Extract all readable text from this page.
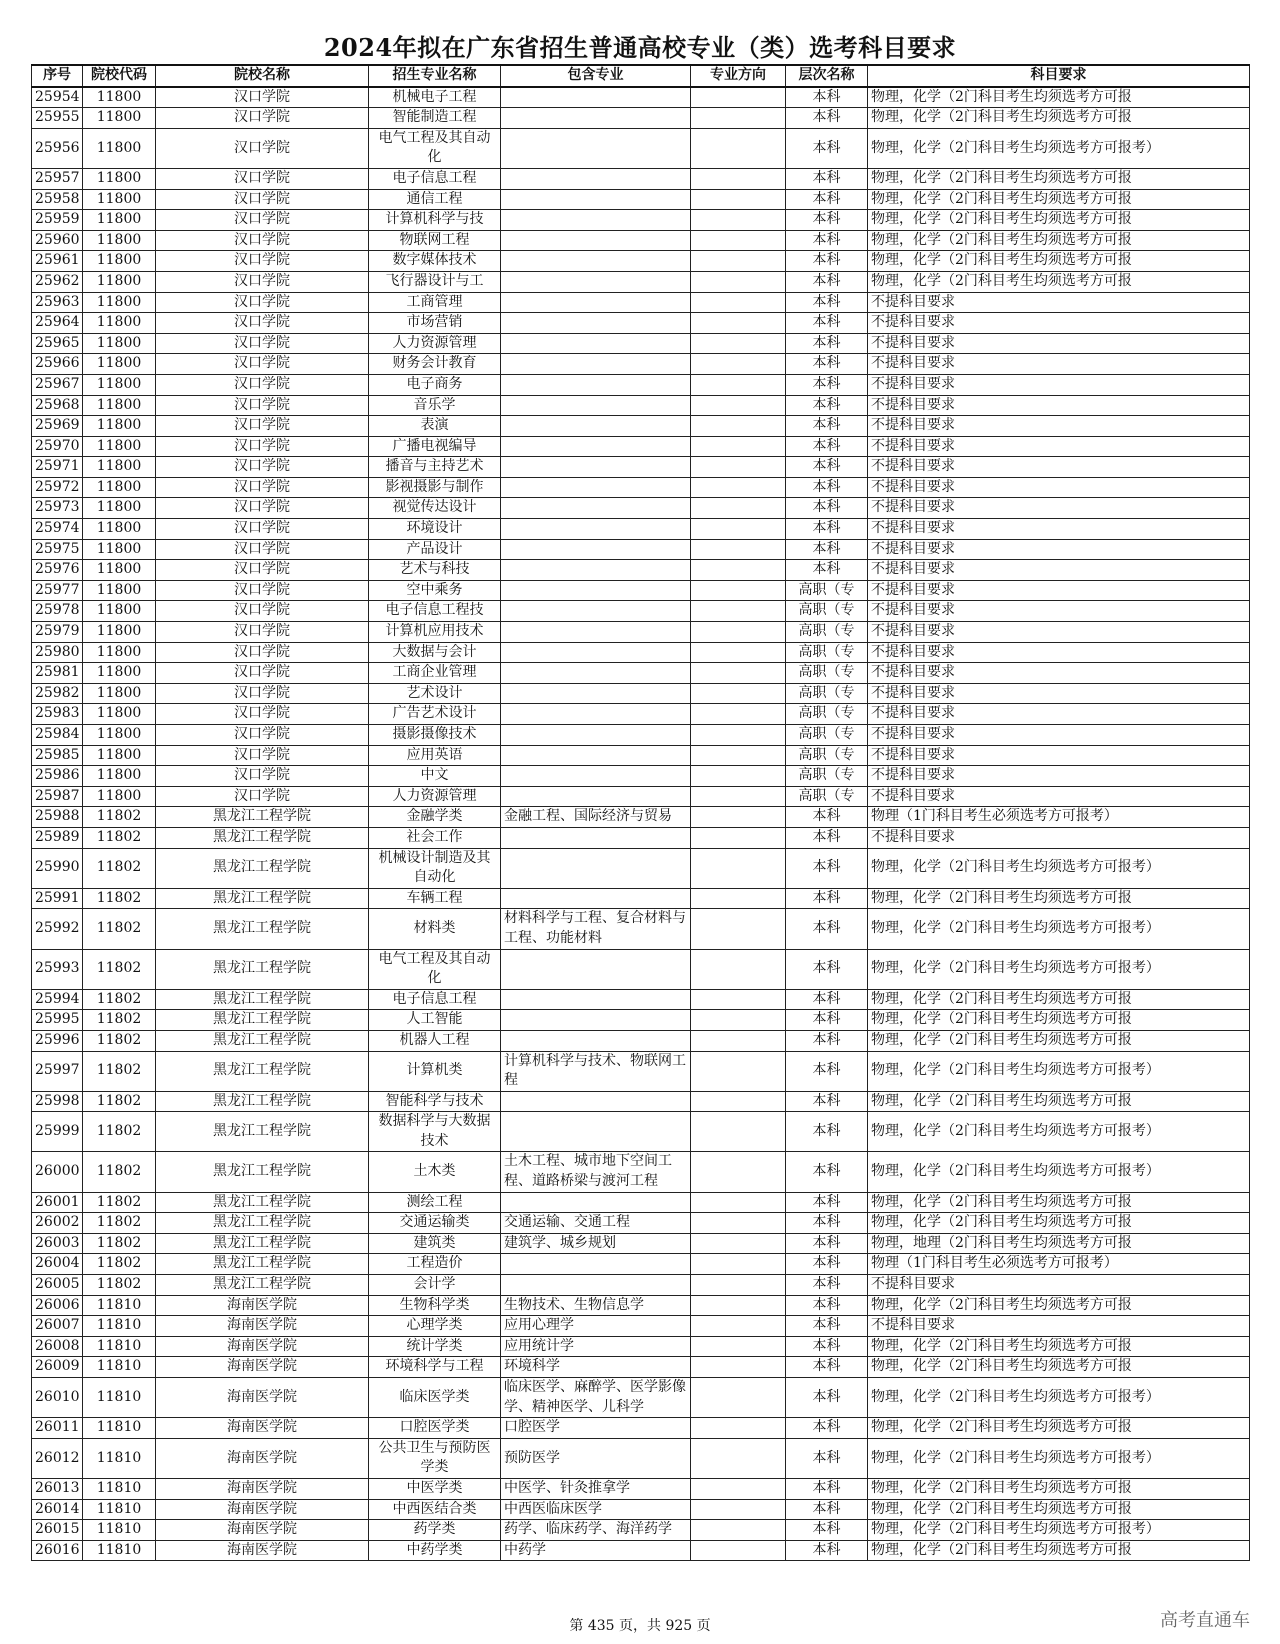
2024年拟在广东省招生普通高校专业（类）选考科目要求
序号	院校代码	院校名称	招生专业名称	包含专业	专业方向	层次名称	科目要求
25954	11800	汉口学院	机械电子工程			本科	物理，化学（2门科目考生均须选考方可报
25955	11800	汉口学院	智能制造工程			本科	物理，化学（2门科目考生均须选考方可报
25956	11800	汉口学院	电气工程及其自动化			本科	物理，化学（2门科目考生均须选考方可报考）
25957	11800	汉口学院	电子信息工程			本科	物理，化学（2门科目考生均须选考方可报
25958	11800	汉口学院	通信工程			本科	物理，化学（2门科目考生均须选考方可报
25959	11800	汉口学院	计算机科学与技			本科	物理，化学（2门科目考生均须选考方可报
25960	11800	汉口学院	物联网工程			本科	物理，化学（2门科目考生均须选考方可报
25961	11800	汉口学院	数字媒体技术			本科	物理，化学（2门科目考生均须选考方可报
25962	11800	汉口学院	飞行器设计与工			本科	物理，化学（2门科目考生均须选考方可报
25963	11800	汉口学院	工商管理			本科	不提科目要求
25964	11800	汉口学院	市场营销			本科	不提科目要求
25965	11800	汉口学院	人力资源管理			本科	不提科目要求
25966	11800	汉口学院	财务会计教育			本科	不提科目要求
25967	11800	汉口学院	电子商务			本科	不提科目要求
25968	11800	汉口学院	音乐学			本科	不提科目要求
25969	11800	汉口学院	表演			本科	不提科目要求
25970	11800	汉口学院	广播电视编导			本科	不提科目要求
25971	11800	汉口学院	播音与主持艺术			本科	不提科目要求
25972	11800	汉口学院	影视摄影与制作			本科	不提科目要求
25973	11800	汉口学院	视觉传达设计			本科	不提科目要求
25974	11800	汉口学院	环境设计			本科	不提科目要求
25975	11800	汉口学院	产品设计			本科	不提科目要求
25976	11800	汉口学院	艺术与科技			本科	不提科目要求
25977	11800	汉口学院	空中乘务			高职（专	不提科目要求
25978	11800	汉口学院	电子信息工程技			高职（专	不提科目要求
25979	11800	汉口学院	计算机应用技术			高职（专	不提科目要求
25980	11800	汉口学院	大数据与会计			高职（专	不提科目要求
25981	11800	汉口学院	工商企业管理			高职（专	不提科目要求
25982	11800	汉口学院	艺术设计			高职（专	不提科目要求
25983	11800	汉口学院	广告艺术设计			高职（专	不提科目要求
25984	11800	汉口学院	摄影摄像技术			高职（专	不提科目要求
25985	11800	汉口学院	应用英语			高职（专	不提科目要求
25986	11800	汉口学院	中文			高职（专	不提科目要求
25987	11800	汉口学院	人力资源管理			高职（专	不提科目要求
25988	11802	黑龙江工程学院	金融学类	金融工程、国际经济与贸易		本科	物理（1门科目考生必须选考方可报考）
25989	11802	黑龙江工程学院	社会工作			本科	不提科目要求
25990	11802	黑龙江工程学院	机械设计制造及其自动化			本科	物理，化学（2门科目考生均须选考方可报考）
25991	11802	黑龙江工程学院	车辆工程			本科	物理，化学（2门科目考生均须选考方可报
25992	11802	黑龙江工程学院	材料类	材料科学与工程、复合材料与工程、功能材料		本科	物理，化学（2门科目考生均须选考方可报考）
25993	11802	黑龙江工程学院	电气工程及其自动化			本科	物理，化学（2门科目考生均须选考方可报考）
25994	11802	黑龙江工程学院	电子信息工程			本科	物理，化学（2门科目考生均须选考方可报
25995	11802	黑龙江工程学院	人工智能			本科	物理，化学（2门科目考生均须选考方可报
25996	11802	黑龙江工程学院	机器人工程			本科	物理，化学（2门科目考生均须选考方可报
25997	11802	黑龙江工程学院	计算机类	计算机科学与技术、物联网工程		本科	物理，化学（2门科目考生均须选考方可报考）
25998	11802	黑龙江工程学院	智能科学与技术			本科	物理，化学（2门科目考生均须选考方可报
25999	11802	黑龙江工程学院	数据科学与大数据技术			本科	物理，化学（2门科目考生均须选考方可报考）
26000	11802	黑龙江工程学院	土木类	土木工程、城市地下空间工程、道路桥梁与渡河工程		本科	物理，化学（2门科目考生均须选考方可报考）
26001	11802	黑龙江工程学院	测绘工程			本科	物理，化学（2门科目考生均须选考方可报
26002	11802	黑龙江工程学院	交通运输类	交通运输、交通工程		本科	物理，化学（2门科目考生均须选考方可报
26003	11802	黑龙江工程学院	建筑类	建筑学、城乡规划		本科	物理，地理（2门科目考生均须选考方可报
26004	11802	黑龙江工程学院	工程造价			本科	物理（1门科目考生必须选考方可报考）
26005	11802	黑龙江工程学院	会计学			本科	不提科目要求
26006	11810	海南医学院	生物科学类	生物技术、生物信息学		本科	物理，化学（2门科目考生均须选考方可报
26007	11810	海南医学院	心理学类	应用心理学		本科	不提科目要求
26008	11810	海南医学院	统计学类	应用统计学		本科	物理，化学（2门科目考生均须选考方可报
26009	11810	海南医学院	环境科学与工程	环境科学		本科	物理，化学（2门科目考生均须选考方可报
26010	11810	海南医学院	临床医学类	临床医学、麻醉学、医学影像学、精神医学、儿科学		本科	物理，化学（2门科目考生均须选考方可报考）
26011	11810	海南医学院	口腔医学类	口腔医学		本科	物理，化学（2门科目考生均须选考方可报
26012	11810	海南医学院	公共卫生与预防医学类	预防医学		本科	物理，化学（2门科目考生均须选考方可报考）
26013	11810	海南医学院	中医学类	中医学、针灸推拿学		本科	物理，化学（2门科目考生均须选考方可报
26014	11810	海南医学院	中西医结合类	中西医临床医学		本科	物理，化学（2门科目考生均须选考方可报
26015	11810	海南医学院	药学类	药学、临床药学、海洋药学		本科	物理，化学（2门科目考生均须选考方可报考）
26016	11810	海南医学院	中药学类	中药学		本科	物理，化学（2门科目考生均须选考方可报
第 435 页，共 925 页	高考直通车
